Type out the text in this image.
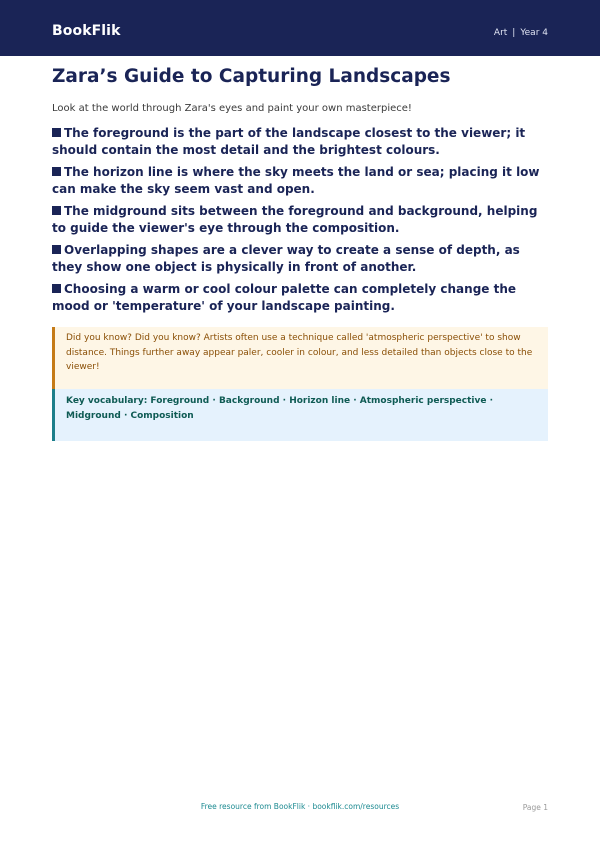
BookFlik	Art | Year 4
Zara’s Guide to Capturing Landscapes

Look at the world through Zara's eyes and paint your own masterpiece!

The foreground is the part of the landscape closest to the viewer; it should contain the most detail and the brightest colours.
The horizon line is where the sky meets the land or sea; placing it low can make the sky seem vast and open.
The midground sits between the foreground and background, helping to guide the viewer's eye through the composition.
Overlapping shapes are a clever way to create a sense of depth, as they show one object is physically in front of another.
Choosing a warm or cool colour palette can completely change the mood or 'temperature' of your landscape painting.
Did you know? Did you know? Artists often use a technique called 'atmospheric perspective' to show distance. Things further away appear paler, cooler in colour, and less detailed than objects close to the viewer!
Key vocabulary: Foreground · Background · Horizon line · Atmospheric perspective · Midground · Composition
Free resource from BookFlik · bookflik.com/resources	Page 1
